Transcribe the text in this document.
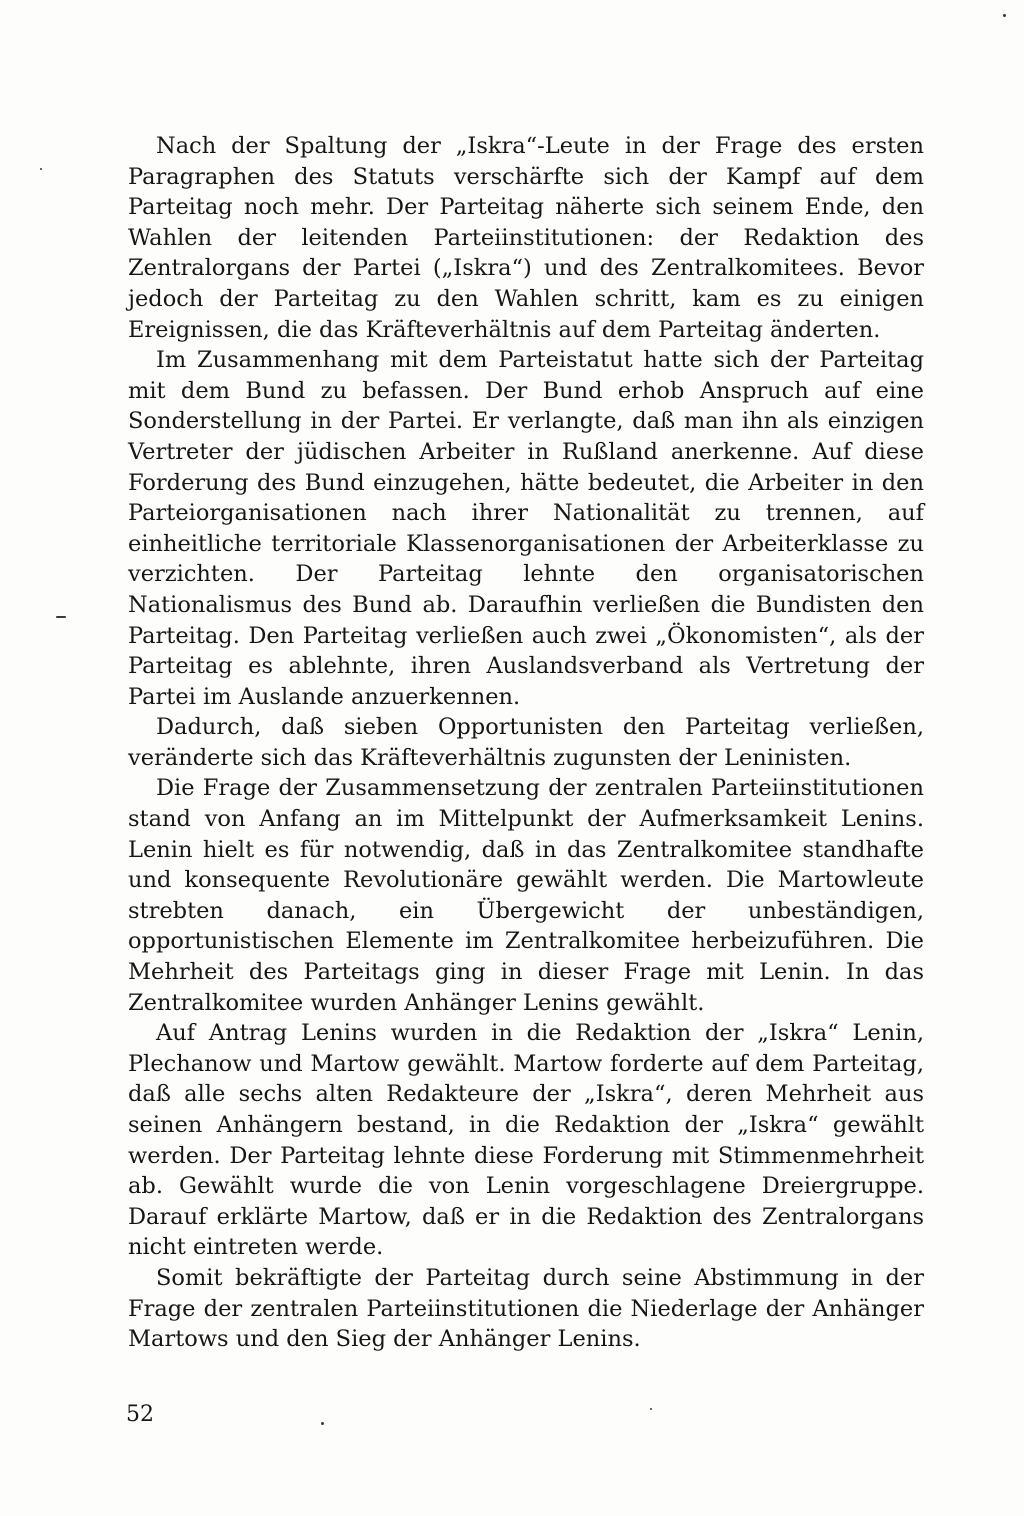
Nach der Spaltung der „Iskra“-Leute in der Frage des ersten Paragraphen des Statuts verschärfte sich der Kampf auf dem Parteitag noch mehr. Der Parteitag näherte sich seinem Ende, den Wahlen der leitenden Parteiinstitutionen: der Redaktion des Zentralorgans der Partei („Iskra“) und des Zentralkomitees. Bevor jedoch der Parteitag zu den Wahlen schritt, kam es zu einigen Ereignissen, die das Kräfteverhältnis auf dem Parteitag änderten.

Im Zusammenhang mit dem Parteistatut hatte sich der Parteitag mit dem Bund zu befassen. Der Bund erhob Anspruch auf eine Sonderstellung in der Partei. Er verlangte, daß man ihn als einzigen Vertreter der jüdischen Arbeiter in Rußland anerkenne. Auf diese Forderung des Bund einzugehen, hätte bedeutet, die Arbeiter in den Parteiorganisationen nach ihrer Nationalität zu trennen, auf einheitliche territoriale Klassenorganisationen der Arbeiterklasse zu verzichten. Der Parteitag lehnte den organisatorischen Nationalismus des Bund ab. Daraufhin verließen die Bundisten den Parteitag. Den Parteitag verließen auch zwei „Ökonomisten“, als der Parteitag es ablehnte, ihren Auslandsverband als Vertretung der Partei im Auslande anzuerkennen.

Dadurch, daß sieben Opportunisten den Parteitag verließen, veränderte sich das Kräfteverhältnis zugunsten der Leninisten.

Die Frage der Zusammensetzung der zentralen Parteiinstitutionen stand von Anfang an im Mittelpunkt der Aufmerksamkeit Lenins. Lenin hielt es für notwendig, daß in das Zentralkomitee standhafte und konsequente Revolutionäre gewählt werden. Die Martowleute strebten danach, ein Übergewicht der unbeständigen, opportunistischen Elemente im Zentralkomitee herbeizuführen. Die Mehrheit des Parteitags ging in dieser Frage mit Lenin. In das Zentralkomitee wurden Anhänger Lenins gewählt.

Auf Antrag Lenins wurden in die Redaktion der „Iskra“ Lenin, Plechanow und Martow gewählt. Martow forderte auf dem Parteitag, daß alle sechs alten Redakteure der „Iskra“, deren Mehrheit aus seinen Anhängern bestand, in die Redaktion der „Iskra“ gewählt werden. Der Parteitag lehnte diese Forderung mit Stimmenmehrheit ab. Gewählt wurde die von Lenin vorgeschlagene Dreiergruppe. Darauf erklärte Martow, daß er in die Redaktion des Zentralorgans nicht eintreten werde.

Somit bekräftigte der Parteitag durch seine Abstimmung in der Frage der zentralen Parteiinstitutionen die Niederlage der Anhänger Martows und den Sieg der Anhänger Lenins.

52
